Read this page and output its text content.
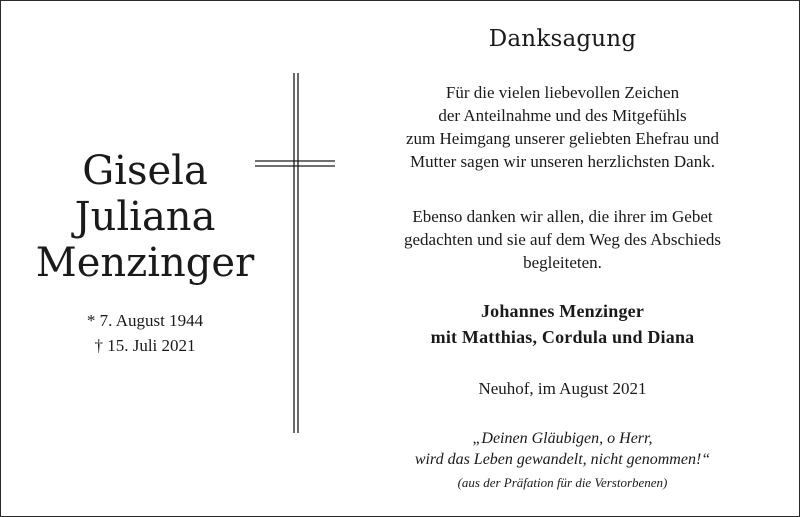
Gisela
Juliana
Menzinger
* 7. August 1944
† 15. Juli 2021
Danksagung
Für die vielen liebevollen Zeichen
der Anteilnahme und des Mitgefühls
zum Heimgang unserer geliebten Ehefrau und
Mutter sagen wir unseren herzlichsten Dank.
Ebenso danken wir allen, die ihrer im Gebet
gedachten und sie auf dem Weg des Abschieds
begleiteten.
Johannes Menzinger
mit Matthias, Cordula und Diana
Neuhof, im August 2021
„Deinen Gläubigen, o Herr,
wird das Leben gewandelt, nicht genommen!“
(aus der Präfation für die Verstorbenen)
